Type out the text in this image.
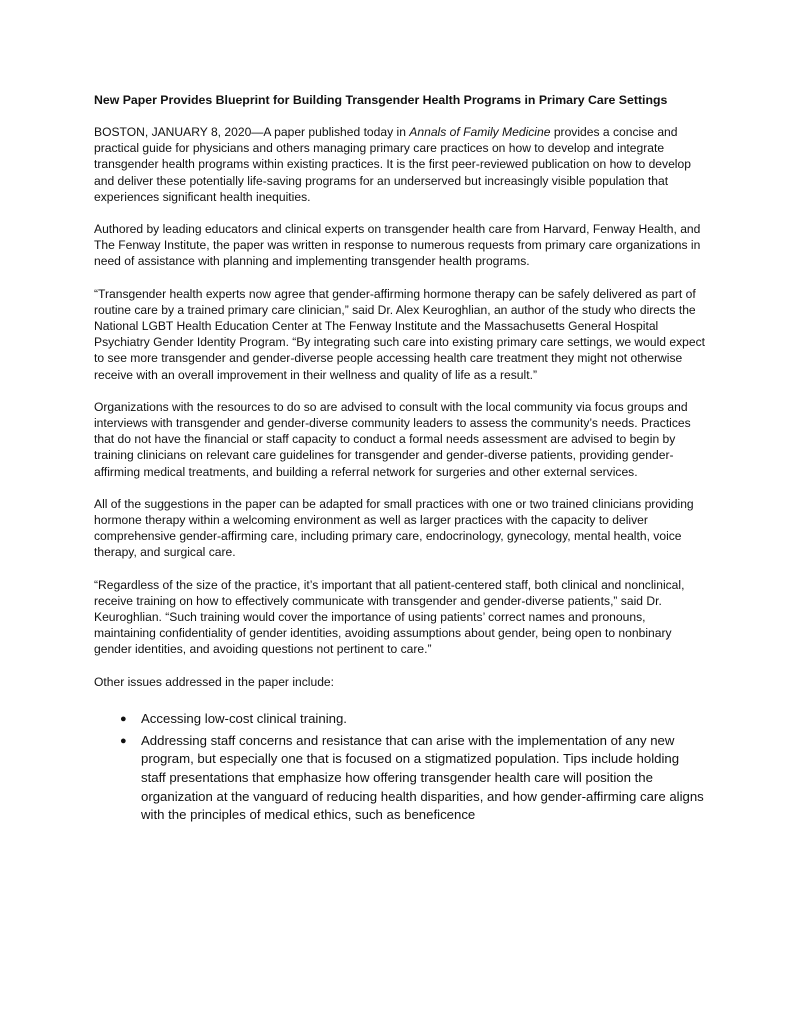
New Paper Provides Blueprint for Building Transgender Health Programs in Primary Care Settings

BOSTON, JANUARY 8, 2020—A paper published today in Annals of Family Medicine provides a concise and practical guide for physicians and others managing primary care practices on how to develop and integrate transgender health programs within existing practices. It is the first peer-reviewed publication on how to develop and deliver these potentially life-saving programs for an underserved but increasingly visible population that experiences significant health inequities.

Authored by leading educators and clinical experts on transgender health care from Harvard, Fenway Health, and The Fenway Institute, the paper was written in response to numerous requests from primary care organizations in need of assistance with planning and implementing transgender health programs.

“Transgender health experts now agree that gender-affirming hormone therapy can be safely delivered as part of routine care by a trained primary care clinician,” said Dr. Alex Keuroghlian, an author of the study who directs the National LGBT Health Education Center at The Fenway Institute and the Massachusetts General Hospital Psychiatry Gender Identity Program. “By integrating such care into existing primary care settings, we would expect to see more transgender and gender-diverse people accessing health care treatment they might not otherwise receive with an overall improvement in their wellness and quality of life as a result.”

Organizations with the resources to do so are advised to consult with the local community via focus groups and interviews with transgender and gender-diverse community leaders to assess the community’s needs. Practices that do not have the financial or staff capacity to conduct a formal needs assessment are advised to begin by training clinicians on relevant care guidelines for transgender and gender-diverse patients, providing gender-affirming medical treatments, and building a referral network for surgeries and other external services.

All of the suggestions in the paper can be adapted for small practices with one or two trained clinicians providing hormone therapy within a welcoming environment as well as larger practices with the capacity to deliver comprehensive gender-affirming care, including primary care, endocrinology, gynecology, mental health, voice therapy, and surgical care.

“Regardless of the size of the practice, it’s important that all patient-centered staff, both clinical and nonclinical, receive training on how to effectively communicate with transgender and gender-diverse patients,” said Dr. Keuroghlian. “Such training would cover the importance of using patients’ correct names and pronouns, maintaining confidentiality of gender identities, avoiding assumptions about gender, being open to nonbinary gender identities, and avoiding questions not pertinent to care.”

Other issues addressed in the paper include:

● Accessing low-cost clinical training.
● Addressing staff concerns and resistance that can arise with the implementation of any new program, but especially one that is focused on a stigmatized population. Tips include holding staff presentations that emphasize how offering transgender health care will position the organization at the vanguard of reducing health disparities, and how gender-affirming care aligns with the principles of medical ethics, such as beneficence
